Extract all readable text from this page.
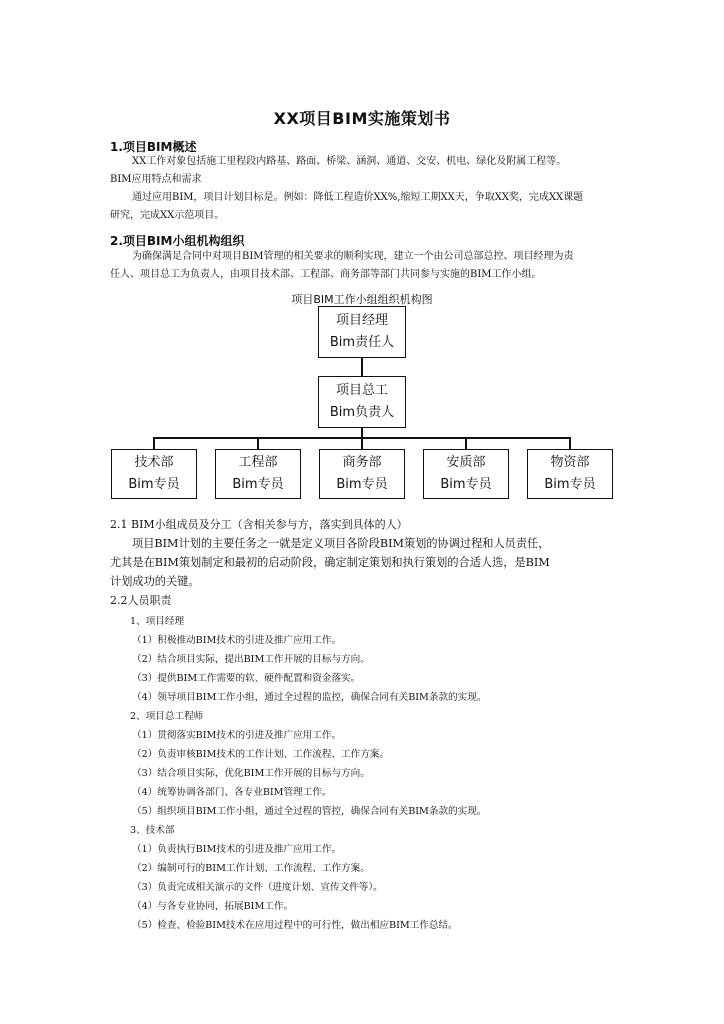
XX项目BIM实施策划书
1.项目BIM概述
XX工作对象包括施工里程段内路基、路面、桥梁、涵洞、通道、交安、机电、绿化及附属工程等。
BIM应用特点和需求
通过应用BIM，项目计划目标是。例如：降低工程造价XX%,缩短工期XX天，争取XX奖，完成XX课题
研究，完成XX示范项目。
2.项目BIM小组机构组织
为确保满足合同中对项目BIM管理的相关要求的顺利实现，建立一个由公司总部总控、项目经理为责
任人、项目总工为负责人，由项目技术部、工程部、商务部等部门共同参与实施的BIM工作小组。
项目BIM工作小组组织机构图
项目经理
Bim责任人
项目总工
Bim负责人
技术部
Bim专员
工程部
Bim专员
商务部
Bim专员
安质部
Bim专员
物资部
Bim专员
2.1 BIM小组成员及分工（含相关参与方，落实到具体的人）
项目BIM计划的主要任务之一就是定义项目各阶段BIM策划的协调过程和人员责任，
尤其是在BIM策划制定和最初的启动阶段，确定制定策划和执行策划的合适人选，是BIM
计划成功的关键。
2.2人员职责
1、项目经理
（1）积极推动BIM技术的引进及推广应用工作。
（2）结合项目实际，提出BIM工作开展的目标与方向。
（3）提供BIM工作需要的软、硬件配置和资金落实。
（4）领导项目BIM工作小组，通过全过程的监控，确保合同有关BIM条款的实现。
2、项目总工程师
（1）贯彻落实BIM技术的引进及推广应用工作。
（2）负责审核BIM技术的工作计划、工作流程、工作方案。
（3）结合项目实际，优化BIM工作开展的目标与方向。
（4）统筹协调各部门、各专业BIM管理工作。
（5）组织项目BIM工作小组，通过全过程的管控，确保合同有关BIM条款的实现。
3、技术部
（1）负责执行BIM技术的引进及推广应用工作。
（2）编制可行的BIM工作计划、工作流程、工作方案。
（3）负责完成相关演示的文件（进度计划、宣传文件等）。
（4）与各专业协同，拓展BIM工作。
（5）检查、检验BIM技术在应用过程中的可行性，做出相应BIM工作总结。
